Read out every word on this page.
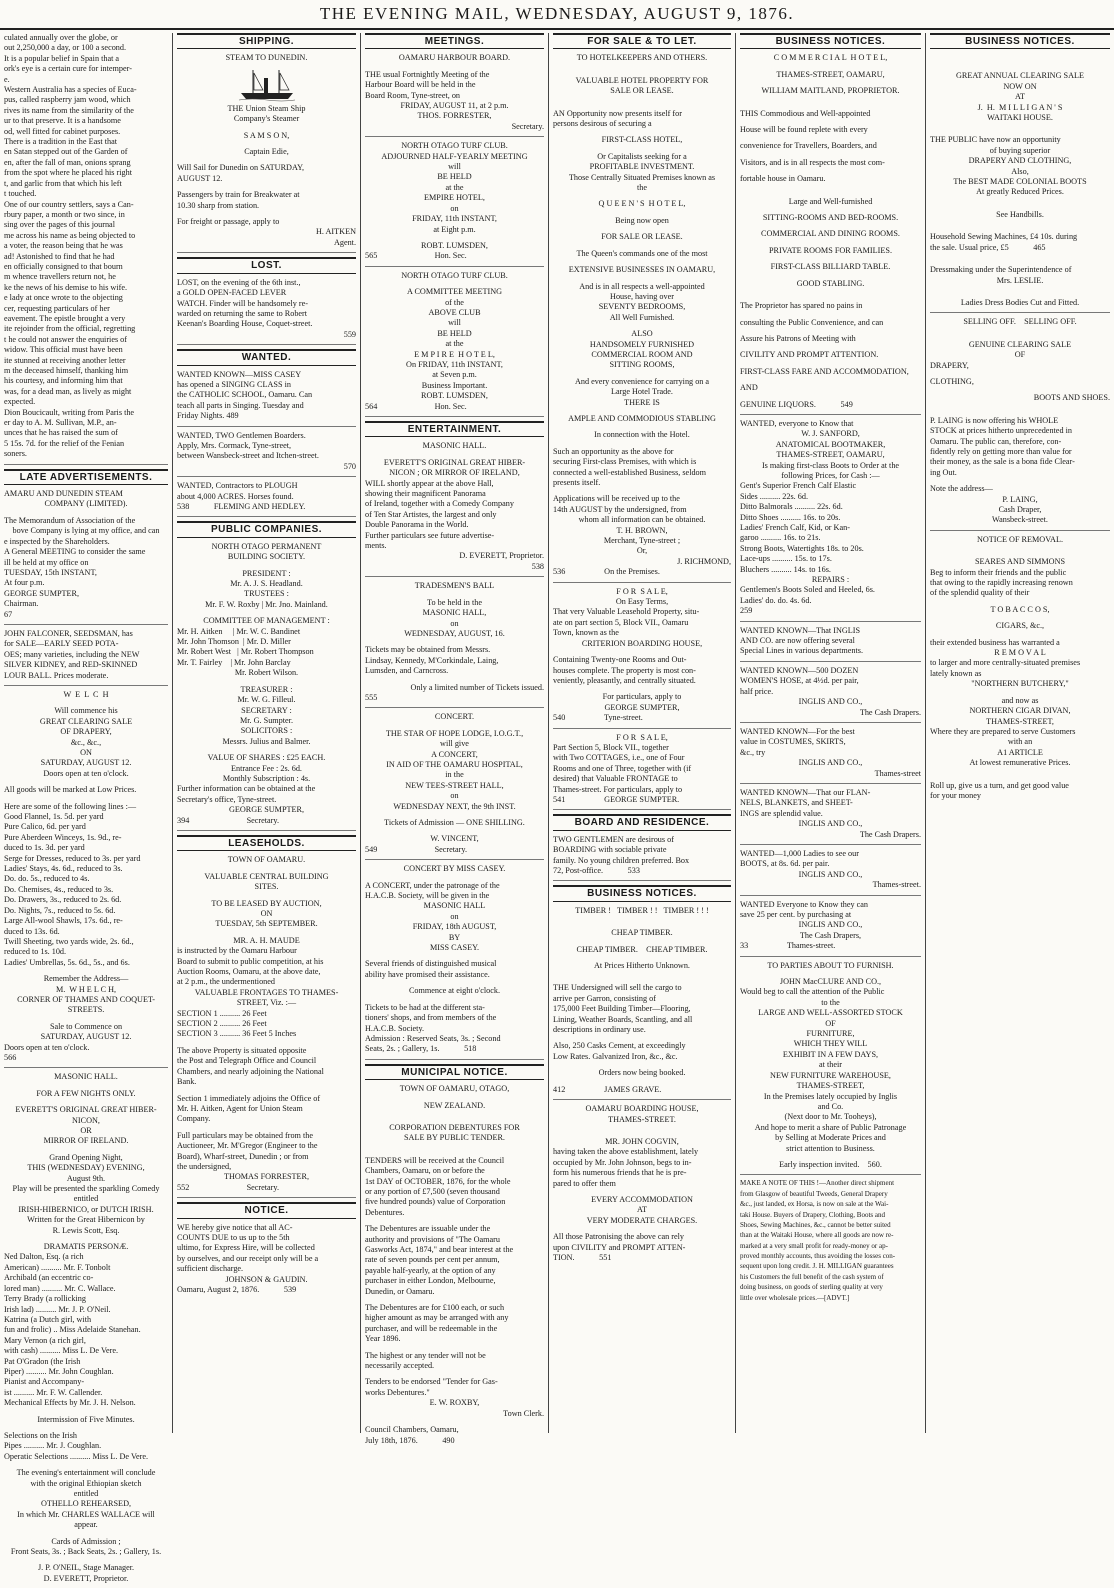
THE EVENING MAIL, WEDNESDAY, AUGUST 9, 1876.
culated annually over the globe, or
out 2,250,000 a day, or 100 a second.
It is a popular belief in Spain that a
ork's eye is a certain cure for intemper-
e.
Western Australia has a species of Euca-
pus, called raspberry jam wood, which
rives its name from the similarity of the
ur to that preserve. It is a handsome
od, well fitted for cabinet purposes.
There is a tradition in the East that
en Satan stepped out of the Garden of
en, after the fall of man, onions sprang
from the spot where he placed his right
t, and garlic from that which his left
t touched.
One of our country settlers, says a Can-
rbury paper, a month or two since, in
sing over the pages of this journal
me across his name as being objected to
a voter, the reason being that he was
ad! Astonished to find that he had
en officially consigned to that bourn
m whence travellers return not, he
ke the news of his demise to his wife.
e lady at once wrote to the objecting
cer, requesting particulars of her
eavement. The epistle brought a very
ite rejoinder from the official, regretting
t he could not answer the enquiries of
widow. This official must have been
ite stunned at receiving another letter
m the deceased himself, thanking him
his courtesy, and informing him that
was, for a dead man, as lively as might
expected.
Dion Boucicault, writing from Paris the
er day to A. M. Sullivan, M.P., an-
unces that he has raised the sum of
5 15s. 7d. for the relief of the Fenian
soners.
LATE ADVERTISEMENTS.
AMARU AND DUNEDIN STEAM
COMPANY (LIMITED).
The Memorandum of Association of the
bove Company is lying at my office, and can
e inspected by the Shareholders.
A General MEETING to consider the same
ill be held at my office on
TUESDAY, 15th INSTANT,
At four p.m.
GEORGE SUMPTER,
Chairman.
67
JOHN FALCONER, SEEDSMAN, has
for SALE—EARLY SEED POTA-
OES; many varieties, including the NEW
SILVER KIDNEY, and RED-SKINNED
LOUR BALL. Prices moderate.
W  E  L  C  H
Will commence his
GREAT CLEARING SALE
OF DRAPERY,
&c., &c.,
ON
SATURDAY, AUGUST 12.
Doors open at ten o'clock.
All goods will be marked at Low Prices.
Here are some of the following lines :—
Good Flannel, 1s. 5d. per yard
Pure Calico, 6d. per yard
Pure Aberdeen Winceys, 1s. 9d., re-
duced to 1s. 3d. per yard
Serge for Dresses, reduced to 3s. per yard
Ladies' Stays, 4s. 6d., reduced to 3s.
Do. do. 5s., reduced to 4s.
Do. Chemises, 4s., reduced to 3s.
Do. Drawers, 3s., reduced to 2s. 6d.
Do. Nights, 7s., reduced to 5s. 6d.
Large All-wool Shawls, 17s. 6d., re-
duced to 13s. 6d.
Twill Sheeting, two yards wide, 2s. 6d.,
reduced to 1s. 10d.
Ladies' Umbrellas, 5s. 6d., 5s., and 6s.
Remember the Address—
M.  W H E L C H,
CORNER OF THAMES AND COQUET-STREETS.
Sale to Commence on
SATURDAY, AUGUST 12.
Doors open at ten o'clock.
566
MASONIC HALL.
FOR A FEW NIGHTS ONLY.
EVERETT'S ORIGINAL GREAT HIBER-
NICON,
OR
MIRROR OF IRELAND.
Grand Opening Night,
THIS (WEDNESDAY) EVENING,
August 9th.
Play will be presented the sparkling Comedy
entitled
IRISH-HIBERNICO, or DUTCH IRISH.
Written for the Great Hibernicon by
R. Lewis Scott, Esq.
DRAMATIS PERSONÆ.
Ned Dalton, Esq. (a rich
American) .......... Mr. F. Tonbolt
Archibald (an eccentric co-
lored man) .......... Mr. C. Wallace.
Terry Brady (a rollicking
Irish lad) .......... Mr. J. P. O'Neil.
Katrina (a Dutch girl, with
fun and frolic) .. Miss Adelaide Stanehan.
Mary Vernon (a rich girl,
with cash) .......... Miss L. De Vere.
Pat O'Gradon (the Irish
Piper) .......... Mr. John Coughlan.
Pianist and Accompany-
ist .......... Mr. F. W. Callender.
Mechanical Effects by Mr. J. H. Nelson.
Intermission of Five Minutes.
Selections on the Irish
Pipes .......... Mr. J. Coughlan.
Operatic Selections .......... Miss L. De Vere.
The evening's entertainment will conclude
with the original Ethiopian sketch
entitled
OTHELLO REHEARSED,
In which Mr. CHARLES WALLACE will
appear.
Cards of Admission ;
Front Seats, 3s. ; Back Seats, 2s. ; Gallery, 1s.
J. P. O'NEIL, Stage Manager.
D. EVERETT, Proprietor.
SHIPPING.
STEAM TO DUNEDIN.
THE Union Steam Ship
Company's Steamer
S A M S O N,
Captain Edie,
Will Sail for Dunedin on SATURDAY,
AUGUST 12.
Passengers by train for Breakwater at
10.30 sharp from station.
For freight or passage, apply to
H. AITKEN
Agent.
LOST.
LOST, on the evening of the 6th inst.,
a GOLD OPEN-FACED LEVER
WATCH. Finder will be handsomely re-
warded on returning the same to Robert
Keenan's Boarding House, Coquet-street.
559
WANTED.
WANTED KNOWN—MISS CASEY
has opened a SINGING CLASS in
the CATHOLIC SCHOOL, Oamaru. Can
teach all parts in Singing. Tuesday and
Friday Nights. 489
WANTED, TWO Gentlemen Boarders.
Apply, Mrs. Cormack, Tyne-street,
between Wansbeck-street and Itchen-street.
570
WANTED, Contractors to PLOUGH
about 4,000 ACRES. Horses found.
538            FLEMING AND HEDLEY.
PUBLIC COMPANIES.
NORTH OTAGO PERMANENT
BUILDING SOCIETY.
PRESIDENT :
Mr. A. J. S. Headland.
TRUSTEES :
Mr. F. W. Roxby | Mr. Jno. Mainland.
COMMITTEE OF MANAGEMENT :
Mr. H. Aitken     | Mr. W. C. Bandinet
Mr. John Thomson  | Mr. D. Miller
Mr. Robert West   | Mr. Robert Thompson
Mr. T. Fairley    | Mr. John Barclay
Mr. Robert Wilson.
TREASURER :
Mr. W. G. Filleul.
SECRETARY :
Mr. G. Sumpter.
SOLICITORS :
Messrs. Julius and Balmer.
VALUE OF SHARES : £25 EACH.
Entrance Fee : 2s. 6d.
Monthly Subscription : 4s.
Further information can be obtained at the
Secretary's office, Tyne-street.
GEORGE SUMPTER,
394                            Secretary.
LEASEHOLDS.
TOWN OF OAMARU.
VALUABLE CENTRAL BUILDING
SITES.
TO BE LEASED BY AUCTION,
ON
TUESDAY, 5th SEPTEMBER.
MR. A. H. MAUDE
is instructed by the Oamaru Harbour
Board to submit to public competition, at his
Auction Rooms, Oamaru, at the above date,
at 2 p.m., the undermentioned
VALUABLE FRONTAGES TO THAMES-
STREET, Viz. :—
SECTION 1 .......... 26 Feet
SECTION 2 .......... 26 Feet
SECTION 3 .......... 36 Feet 5 Inches
The above Property is situated opposite
the Post and Telegraph Office and Council
Chambers, and nearly adjoining the National
Bank.
Section 1 immediately adjoins the Office of
Mr. H. Aitken, Agent for Union Steam
Company.
Full particulars may be obtained from the
Auctioneer, Mr. M'Gregor (Engineer to the
Board), Wharf-street, Dunedin ; or from
the undersigned,
THOMAS FORRESTER,
552                            Secretary.
NOTICE.
WE hereby give notice that all AC-
COUNTS DUE to us up to the 5th
ultimo, for Express Hire, will be collected
by ourselves, and our receipt only will be a
sufficient discharge.
JOHNSON & GAUDIN.
Oamaru, August 2, 1876.            539
MEETINGS.
OAMARU HARBOUR BOARD.
THE usual Fortnightly Meeting of the
Harbour Board will be held in the
Board Room, Tyne-street, on
FRIDAY, AUGUST 11, at 2 p.m.
THOS. FORRESTER,
Secretary.
NORTH OTAGO TURF CLUB.
ADJOURNED HALF-YEARLY MEETING
will
BE HELD
at the
EMPIRE HOTEL,
on
FRIDAY, 11th INSTANT,
at Eight p.m.
ROBT. LUMSDEN,
565                            Hon. Sec.
NORTH OTAGO TURF CLUB.
A COMMITTEE MEETING
of the
ABOVE CLUB
will
BE HELD
at the
E M P I R E  H O T E L,
On FRIDAY, 11th INSTANT,
at Seven p.m.
Business Important.
ROBT. LUMSDEN,
564                            Hon. Sec.
ENTERTAINMENT.
MASONIC HALL.
EVERETT'S ORIGINAL GREAT HIBER-
NICON ; OR MIRROR OF IRELAND,
WILL shortly appear at the above Hall,
showing their magnificent Panorama
of Ireland, together with a Comedy Company
of Ten Star Artistes, the largest and only
Double Panorama in the World.
Further particulars see future advertise-
ments.
D. EVERETT, Proprietor.
538
TRADESMEN'S BALL
To be held in the
MASONIC HALL,
on
WEDNESDAY, AUGUST, 16.
Tickets may be obtained from Messrs.
Lindsay, Kennedy, M'Corkindale, Laing,
Lumsden, and Carncross.
Only a limited number of Tickets issued.
555
CONCERT.
THE STAR OF HOPE LODGE, I.O.G.T.,
will give
A CONCERT,
IN AID OF THE OAMARU HOSPITAL,
in the
NEW TEES-STREET HALL,
on
WEDNESDAY NEXT, the 9th INST.
Tickets of Admission — ONE SHILLING.
W. VINCENT,
549                            Secretary.
CONCERT BY MISS CASEY.
A CONCERT, under the patronage of the
H.A.C.B. Society, will be given in the
MASONIC HALL
on
FRIDAY, 18th AUGUST,
BY
MISS CASEY.
Several friends of distinguished musical
ability have promised their assistance.
Commence at eight o'clock.
Tickets to be had at the different sta-
tioners' shops, and from members of the
H.A.C.B. Society.
Admission : Reserved Seats, 3s. ; Second
Seats, 2s. ; Gallery, 1s.            518
MUNICIPAL NOTICE.
TOWN OF OAMARU, OTAGO,
NEW ZEALAND.
CORPORATION DEBENTURES FOR
SALE BY PUBLIC TENDER.
TENDERS will be received at the Council
Chambers, Oamaru, on or before the
1st DAY of OCTOBER, 1876, for the whole
or any portion of £7,500 (seven thousand
five hundred pounds) value of Corporation
Debentures.
The Debentures are issuable under the
authority and provisions of "The Oamaru
Gasworks Act, 1874," and bear interest at the
rate of seven pounds per cent per annum,
payable half-yearly, at the option of any
purchaser in either London, Melbourne,
Dunedin, or Oamaru.
The Debentures are for £100 each, or such
higher amount as may be arranged with any
purchaser, and will be redeemable in the
Year 1896.
The highest or any tender will not be
necessarily accepted.
Tenders to be endorsed "Tender for Gas-
works Debentures."
E. W. ROXBY,
Town Clerk.
Council Chambers, Oamaru,
July 18th, 1876.            490
FOR SALE & TO LET.
TO HOTELKEEPERS AND OTHERS.
VALUABLE HOTEL PROPERTY FOR
SALE OR LEASE.
AN Opportunity now presents itself for
persons desirous of securing a
FIRST-CLASS HOTEL,
Or Capitalists seeking for a
PROFITABLE INVESTMENT.
Those Centrally Situated Premises known as
the
Q U E E N ' S  H O T E L,
Being now open
FOR SALE OR LEASE.
The Queen's commands one of the most
EXTENSIVE BUSINESSES IN OAMARU,
And is in all respects a well-appointed
House, having over
SEVENTY BEDROOMS,
All Well Furnished.
ALSO
HANDSOMELY FURNISHED
COMMERCIAL ROOM AND
SITTING ROOMS,
And every convenience for carrying on a
Large Hotel Trade.
THERE IS
AMPLE AND COMMODIOUS STABLING
In connection with the Hotel.
Such an opportunity as the above for
securing First-class Premises, with which is
connected a well-established Business, seldom
presents itself.
Applications will be received up to the
14th AUGUST by the undersigned, from
whom all information can be obtained.
T. H. BROWN,
Merchant, Tyne-street ;
Or,
J. RICHMOND,
536                   On the Premises.
F O R  S A L E,
On Easy Terms,
That very Valuable Leasehold Property, situ-
ate on part section 5, Block VII., Oamaru
Town, known as the
CRITERION BOARDING HOUSE,
Containing Twenty-one Rooms and Out-
houses complete. The property is most con-
veniently, pleasantly, and centrally situated.
For particulars, apply to
GEORGE SUMPTER,
540                   Tyne-street.
F O R  S A L E,
Part Section 5, Block VII., together
with Two COTTAGES, i.e., one of Four
Rooms and one of Three, together with (if
desired) that Valuable FRONTAGE to
Thames-street. For particulars, apply to
541                   GEORGE SUMPTER.
BOARD AND RESIDENCE.
TWO GENTLEMEN are desirous of
BOARDING with sociable private
family. No young children preferred. Box
72, Post-office.            533
BUSINESS NOTICES.
TIMBER !   TIMBER ! !   TIMBER ! ! !
CHEAP TIMBER.
CHEAP TIMBER.    CHEAP TIMBER.
At Prices Hitherto Unknown.
THE Undersigned will sell the cargo to
arrive per Garron, consisting of
175,000 Feet Building Timber—Flooring,
Lining, Weather Boards, Scantling, and all
descriptions in ordinary use.
Also, 250 Casks Cement, at exceedingly
Low Rates. Galvanized Iron, &c., &c.
Orders now being booked.
412                   JAMES GRAVE.
OAMARU BOARDING HOUSE,
THAMES-STREET.
MR. JOHN COGVIN,
having taken the above establishment, lately
occupied by Mr. John Johnson, begs to in-
form his numerous friends that he is pre-
pared to offer them
EVERY ACCOMMODATION
AT
VERY MODERATE CHARGES.
All those Patronising the above can rely
upon CIVILITY and PROMPT ATTEN-
TION.            551
BUSINESS NOTICES.
C O M M E R C I A L  H O T E L,
THAMES-STREET, OAMARU,
WILLIAM MAITLAND, PROPRIETOR.
THIS Commodious and Well-appointed
House will be found replete with every
convenience for Travellers, Boarders, and
Visitors, and is in all respects the most com-
fortable house in Oamaru.
Large and Well-furnished
SITTING-ROOMS AND BED-ROOMS.
COMMERCIAL AND DINING ROOMS.
PRIVATE ROOMS FOR FAMILIES.
FIRST-CLASS BILLIARD TABLE.
GOOD STABLING.
The Proprietor has spared no pains in
consulting the Public Convenience, and can
Assure his Patrons of Meeting with
CIVILITY AND PROMPT ATTENTION.
FIRST-CLASS FARE AND ACCOMMODATION,
AND
GENUINE LIQUORS.            549
WANTED, everyone to Know that
W. J. SANFORD,
ANATOMICAL BOOTMAKER,
THAMES-STREET, OAMARU,
Is making first-class Boots to Order at the
following Prices, for Cash :—
Gent's Superior French Calf Elastic
Sides .......... 22s. 6d.
Ditto Balmorals .......... 22s. 6d.
Ditto Shoes .......... 16s. to 20s.
Ladies' French Calf, Kid, or Kan-
garoo .......... 16s. to 21s.
Strong Boots, Watertights 18s. to 20s.
Lace-ups .......... 15s. to 17s.
Bluchers .......... 14s. to 16s.
REPAIRS :
Gentlemen's Boots Soled and Heeled, 6s.
Ladies' do. do. 4s. 6d.
259
WANTED KNOWN—That INGLIS
AND CO. are now offering several
Special Lines in various departments.
WANTED KNOWN—500 DOZEN
WOMEN'S HOSE, at 4½d. per pair,
half price.
INGLIS AND CO.,
The Cash Drapers.
WANTED KNOWN—For the best
value in COSTUMES, SKIRTS,
&c., try
INGLIS AND CO.,
Thames-street
WANTED KNOWN—That our FLAN-
NELS, BLANKETS, and SHEET-
INGS are splendid value.
INGLIS AND CO.,
The Cash Drapers.
WANTED—1,000 Ladies to see our
BOOTS, at 8s. 6d. per pair.
INGLIS AND CO.,
Thames-street.
WANTED Everyone to Know they can
save 25 per cent. by purchasing at
INGLIS AND CO.,
The Cash Drapers,
33                   Thames-street.
TO PARTIES ABOUT TO FURNISH.
JOHN MacCLURE AND CO.,
Would beg to call the attention of the Public
to the
LARGE AND WELL-ASSORTED STOCK
OF
FURNITURE,
WHICH THEY WILL
EXHIBIT IN A FEW DAYS,
at their
NEW FURNITURE WAREHOUSE,
THAMES-STREET,
In the Premises lately occupied by Inglis
and Co.
(Next door to Mr. Tooheys),
And hope to merit a share of Public Patronage
by Selling at Moderate Prices and
strict attention to Business.
Early inspection invited.    560.
MAKE A NOTE OF THIS !—Another direct shipment
from Glasgow of beautiful Tweeds, General Drapery
&c., just landed, ex Horsa, is now on sale at the Wai-
taki House. Buyers of Drapery, Clothing, Boots and
Shoes, Sewing Machines, &c., cannot be better suited
than at the Waitaki House, where all goods are now re-
marked at a very small profit for ready-money or ap-
proved monthly accounts, thus avoiding the losses con-
sequent upon long credit. J. H. MILLIGAN guarantees
his Customers the full benefit of the cash system of
doing business, on goods of sterling quality at very
little over wholesale prices.—[ADVT.]
BUSINESS NOTICES.
GREAT ANNUAL CLEARING SALE
NOW ON
AT
J.  H.  M I L L I G A N ' S
WAITAKI HOUSE.
THE PUBLIC have now an opportunity
of buying superior
DRAPERY AND CLOTHING,
Also,
The BEST MADE COLONIAL BOOTS
At greatly Reduced Prices.
See Handbills.
Household Sewing Machines, £4 10s. during
the sale. Usual price, £5            465
Dressmaking under the Superintendence of
Mrs. LESLIE.
Ladies Dress Bodies Cut and Fitted.
SELLING OFF.    SELLING OFF.
GENUINE CLEARING SALE
OF
DRAPERY,
CLOTHING,
BOOTS AND SHOES.
P. LAING is now offering his WHOLE
STOCK at prices hitherto unprecedented in
Oamaru. The public can, therefore, con-
fidently rely on getting more than value for
their money, as the sale is a bona fide Clear-
ing Out.
Note the address—
P. LAING,
Cash Draper,
Wansbeck-street.
NOTICE OF REMOVAL.
SEARES AND SIMMONS
Beg to inform their friends and the public
that owing to the rapidly increasing renown
of the splendid quality of their
T O B A C C O S,
CIGARS, &c.,
their extended business has warranted a
R E M O V A L
to larger and more centrally-situated premises
lately known as
"NORTHERN BUTCHERY,"
and now as
NORTHERN CIGAR DIVAN,
THAMES-STREET,
Where they are prepared to serve Customers
with an
A1 ARTICLE
At lowest remunerative Prices.
Roll up, give us a turn, and get good value
for your money
